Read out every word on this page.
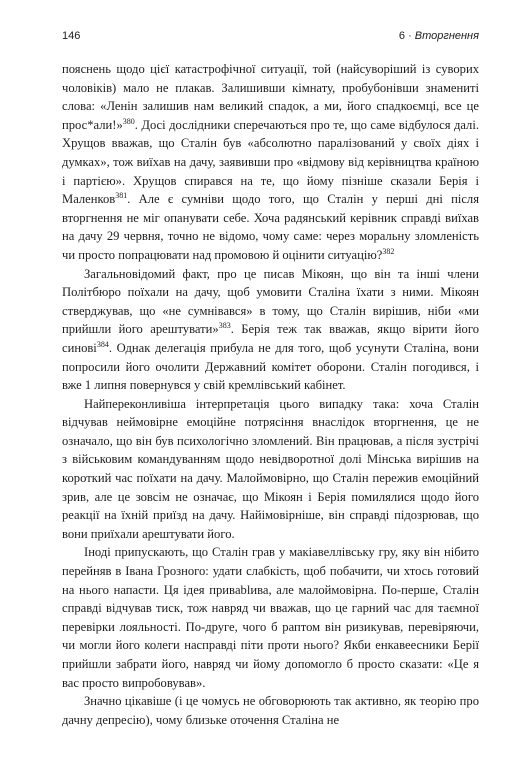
146	6 · Вторгнення

пояснень щодо цієї катастрофічної ситуації, той (найсуворіший із суворих чоловіків) мало не плакав. Залишивши кімнату, пробубонівши знамениті слова: «Ленін залишив нам великий спадок, а ми, його спадкоємці, все це прос*али!»$^{380}$. Досі дослідники сперечаються про те, що саме відбулося далі. Хрущов вважав, що Сталін був «абсолютно паралізований у своїх діях і думках», тож виїхав на дачу, заявивши про «відмову від керівництва країною і партією». Хрущов спирався на те, що йому пізніше сказали Берія і Маленков$^{381}$. Але є сумніви щодо того, що Сталін у перші дні після вторгнення не міг опанувати себе. Хоча радянський керівник справді виїхав на дачу 29 червня, точно не відомо, чому саме: через моральну зломленість чи просто попрацювати над промовою й оцінити ситуацію?$^{382}$

Загальновідомий факт, про це писав Мікоян, що він та інші члени Політбюро поїхали на дачу, щоб умовити Сталіна їхати з ними. Мікоян стверджував, що «не сумнівався» в тому, що Сталін вирішив, ніби «ми прийшли його арештувати»$^{383}$. Берія теж так вважав, якщо вірити його синові$^{384}$. Однак делегація прибула не для того, щоб усунути Сталіна, вони попросили його очолити Державний комітет оборони. Сталін погодився, і вже 1 липня повернувся у свій кремлівський кабінет.

Найпереконливіша інтерпретація цього випадку така: хоча Сталін відчував неймовірне емоційне потрясіння внаслідок вторгнення, це не означало, що він був психологічно зломлений. Він працював, а після зустрічі з військовим командуванням щодо невідворотної долі Мінська вирішив на короткий час поїхати на дачу. Малоймовірно, що Сталін пережив емоційний зрив, але це зовсім не означає, що Мікоян і Берія помилялися щодо його реакції на їхній приїзд на дачу. Найімовірніше, він справді підозрював, що вони приїхали арештувати його.

Іноді припускають, що Сталін грав у макіавеллівську гру, яку він нібито перейняв в Івана Грозного: удати слабкість, щоб побачити, чи хтось готовий на нього напасти. Ця ідея привablива, але малоймовірна. По-перше, Сталін справді відчував тиск, тож навряд чи вважав, що це гарний час для таємної перевірки лояльності. По-друге, чого б раптом він ризикував, перевіряючи, чи могли його колеги насправді піти проти нього? Якби енкавеесники Берії прийшли забрати його, навряд чи йому допомогло б просто сказати: «Це я вас просто випробовував».

Значно цікавіше (і це чомусь не обговорюють так активно, як теорію про дачну депресію), чому близьке оточення Сталіна не
